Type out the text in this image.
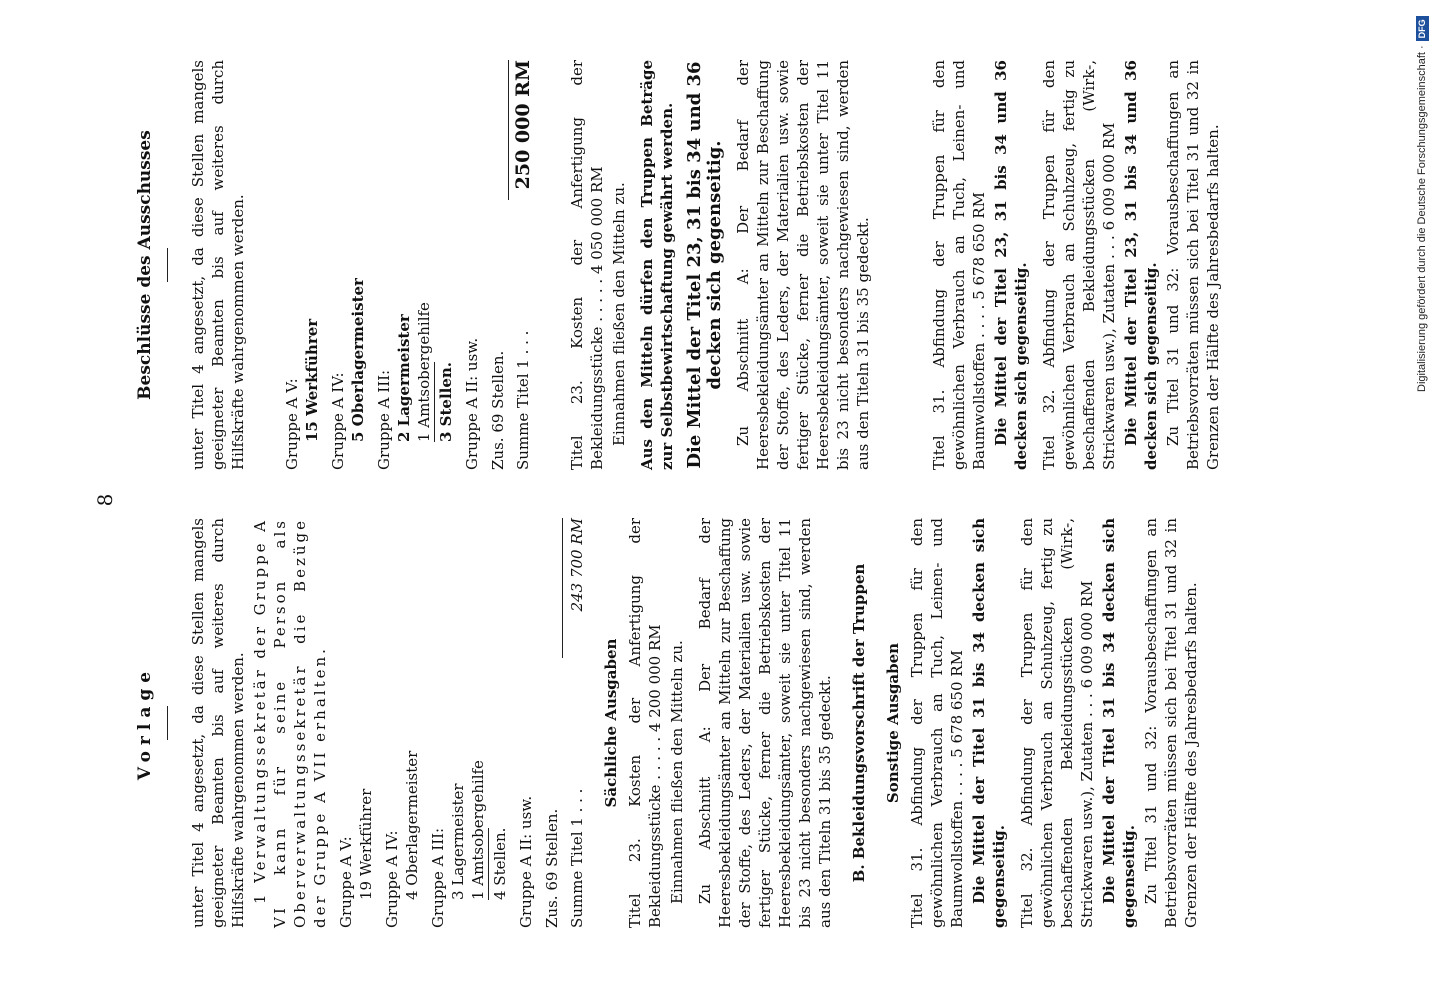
8
Vorlage unter Titel 4 angesetzt, da diese Stellen mangels geeigneter Beamten bis auf weiteres durch Hilfskräfte wahrgenommen werden. 1 Verwaltungssekretär der Gruppe A VI kann für seine Person als Oberverwaltungssekretär die Bezüge der Gruppe A VII erhalten. Gruppe A V: 19 Werkführer Gruppe A IV: 4 Oberlagermeister Gruppe A III: 3 Lagermeister 1 Amtsobergehilfe 4 Stellen. Gruppe A II: usw. Zus. 69 Stellen. Summe Titel 1 . . .
243 700 RM
Sächliche Ausgaben Titel 23. Kosten der Anfertigung der Bekleidungsstücke . . . . . 4 200 000 RM Einnahmen fließen den Mitteln zu. Zu Abschnitt A: Der Bedarf der Heeresbekleidungsämter an Mitteln zur Beschaffung der Stoffe, des Leders, der Materialien usw. sowie fertiger Stücke, ferner die Betriebskosten der Heeresbekleidungsämter, soweit sie unter Titel 11 bis 23 nicht besonders nachgewiesen sind, werden aus den Titeln 31 bis 35 gedeckt. B. Bekleidungsvorschrift der Truppen Sonstige Ausgaben Titel 31. Abfindung der Truppen für den gewöhnlichen Verbrauch an Tuch, Leinen- und Baumwollstoffen . . . . 5 678 650 RM Die Mittel der Titel 31 bis 34 decken sich gegenseitig. Titel 32. Abfindung der Truppen für den gewöhnlichen Verbrauch an Schuhzeug, fertig zu beschaffenden Bekleidungsstücken (Wirk-, Strickwaren usw.), Zutaten . . . 6 009 000 RM Die Mittel der Titel 31 bis 34 decken sich gegenseitig. Zu Titel 31 und 32: Vorausbeschaffungen an Betriebsvorräten müssen sich bei Titel 31 und 32 in Grenzen der Hälfte des Jahresbedarfs halten.

Beschlüsse des Ausschusses unter Titel 4 angesetzt, da diese Stellen mangels geeigneter Beamten bis auf weiteres durch Hilfskräfte wahrgenommen werden. Gruppe A V: 15 Werkführer Gruppe A IV: 5 Oberlagermeister Gruppe A III: 2 Lagermeister 1 Amtsobergehilfe 3 Stellen. Gruppe A II: usw. Zus. 69 Stellen. Summe Titel 1 . . .
250 000 RM Titel 23. Kosten der Anfertigung der Bekleidungsstücke . . . . . 4 050 000 RM Einnahmen fließen den Mitteln zu. Aus den Mitteln dürfen den Truppen Beträge zur Selbstbewirtschaftung gewährt werden. Die Mittel der Titel 23, 31 bis 34 und 36 decken sich gegenseitig. Zu Abschnitt A: Der Bedarf der Heeresbekleidungsämter an Mitteln zur Beschaffung der Stoffe, des Leders, der Materialien usw. sowie fertiger Stücke, ferner die Betriebskosten der Heeresbekleidungsämter, soweit sie unter Titel 11 bis 23 nicht besonders nachgewiesen sind, werden aus den Titeln 31 bis 35 gedeckt.	Titel 31. Abfindung der Truppen für den gewöhnlichen Verbrauch an Tuch, Leinen- und Baumwollstoffen . . . . 5 678 650 RM Die Mittel der Titel 23, 31 bis 34 und 36 decken sich gegenseitig. Titel 32. Abfindung der Truppen für den gewöhnlichen Verbrauch an Schuhzeug, fertig zu beschaffenden Bekleidungsstücken (Wirk-, Strickwaren usw.), Zutaten . . . 6 009 000 RM Die Mittel der Titel 23, 31 bis 34 und 36 decken sich gegenseitig. Zu Titel 31 und 32: Vorausbeschaffungen an Betriebsvorräten müssen sich bei Titel 31 und 32 in Grenzen der Hälfte des Jahresbedarfs halten.	Digitalisierung gefördert durch die Deutsche Forschungsgemeinschaft ·
DFG
